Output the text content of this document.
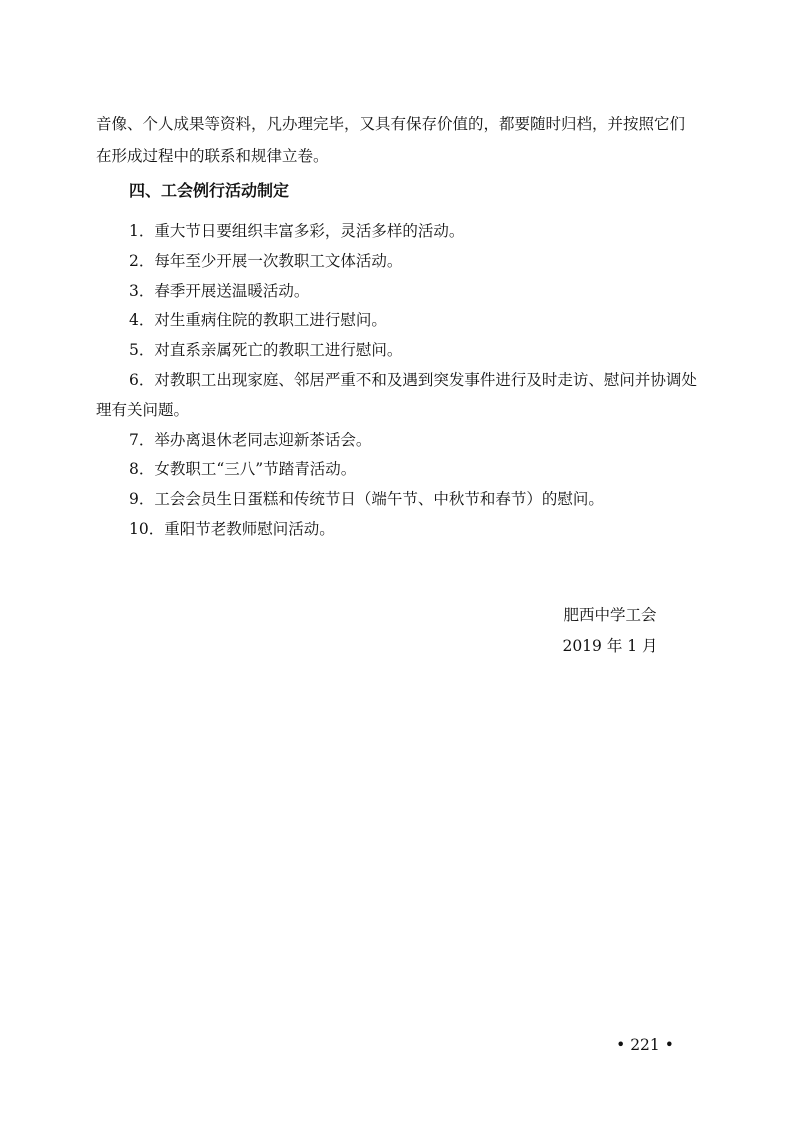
音像、个人成果等资料，凡办理完毕，又具有保存价值的，都要随时归档，并按照它们在形成过程中的联系和规律立卷。

四、工会例行活动制定
1．重大节日要组织丰富多彩，灵活多样的活动。
2．每年至少开展一次教职工文体活动。
3．春季开展送温暖活动。
4．对生重病住院的教职工进行慰问。
5．对直系亲属死亡的教职工进行慰问。
6．对教职工出现家庭、邻居严重不和及遇到突发事件进行及时走访、慰问并协调处理有关问题。
7．举办离退休老同志迎新茶话会。
8．女教职工“三八”节踏青活动。
9．工会会员生日蛋糕和传统节日（端午节、中秋节和春节）的慰问。
10．重阳节老教师慰问活动。
肥西中学工会
2019 年 1 月
• 221 •
